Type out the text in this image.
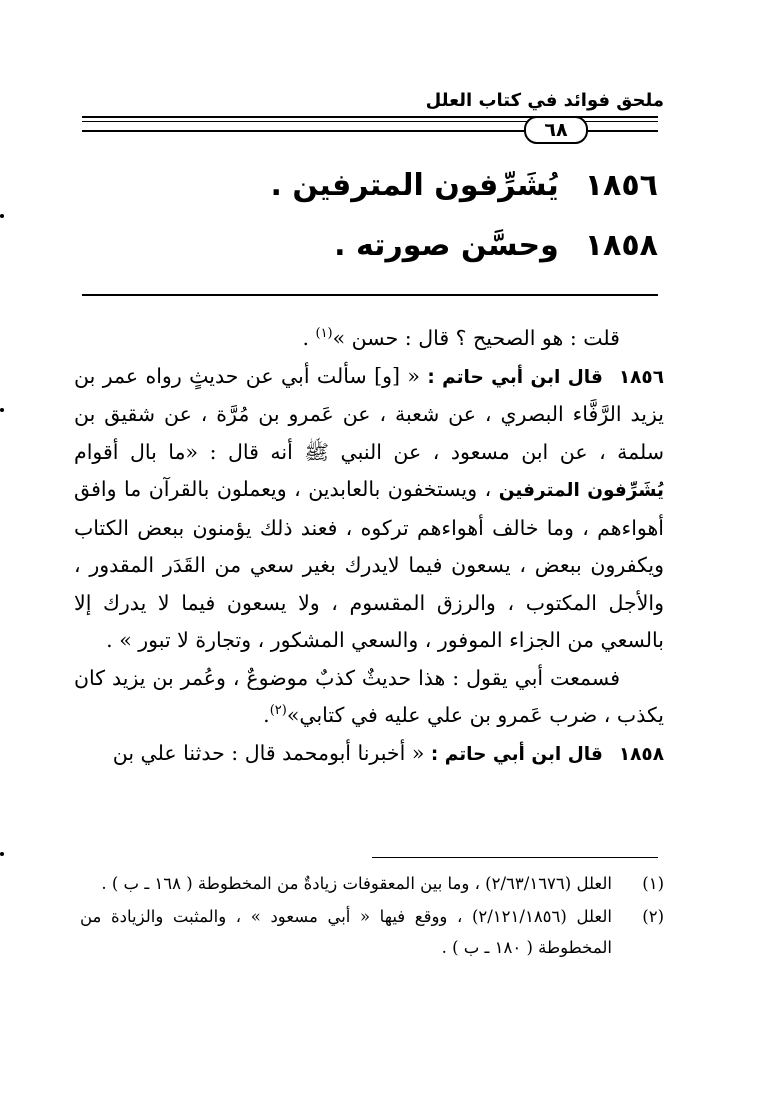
ملحق فوائد في كتاب العلل
٦٨
١٨٥٦يُشَرِّفون المترفين .
١٨٥٨وحسَّن صورته .

قلت : هو الصحيح ؟ قال : حسن »$^{(١)}$ .

١٨٥٦قال ابن أبي حاتم : « [و] سألت أبي عن حديثٍ رواه عمر بن يزيد الرَّفَّاء البصري ، عن شعبة ، عن عَمرو بن مُرَّة ، عن شقيق بن سلمة ، عن ابن مسعود ، عن النبي ﷺ أنه قال : «ما بال أقوام يُشَرِّفون المترفين ، ويستخفون بالعابدين ، ويعملون بالقرآن ما وافق أهواءهم ، وما خالف أهواءهم تركوه ، فعند ذلك يؤمنون ببعض الكتاب ويكفرون ببعض ، يسعون فيما لايدرك بغير سعي من القَدَر المقدور ، والأجل المكتوب ، والرزق المقسوم ، ولا يسعون فيما لا يدرك إلا بالسعي من الجزاء الموفور ، والسعي المشكور ، وتجارة لا تبور » .

فسمعت أبي يقول : هذا حديثٌ كذبٌ موضوعٌ ، وعُمر بن يزيد كان يكذب ، ضرب عَمرو بن علي عليه في كتابي»$^{(٢)}$.

١٨٥٨قال ابن أبي حاتم : « أخبرنا أبومحمد قال : حدثنا علي بن

(١)
العلل (٢/٦٣/١٦٧٦) ، وما بين المعقوفات زيادةٌ من المخطوطة ( ١٦٨ ـ ب ) .

(٢)
العلل (٢/١٢١/١٨٥٦) ، ووقع فيها « أبي مسعود » ، والمثبت والزيادة من المخطوطة ( ١٨٠ ـ ب ) .
